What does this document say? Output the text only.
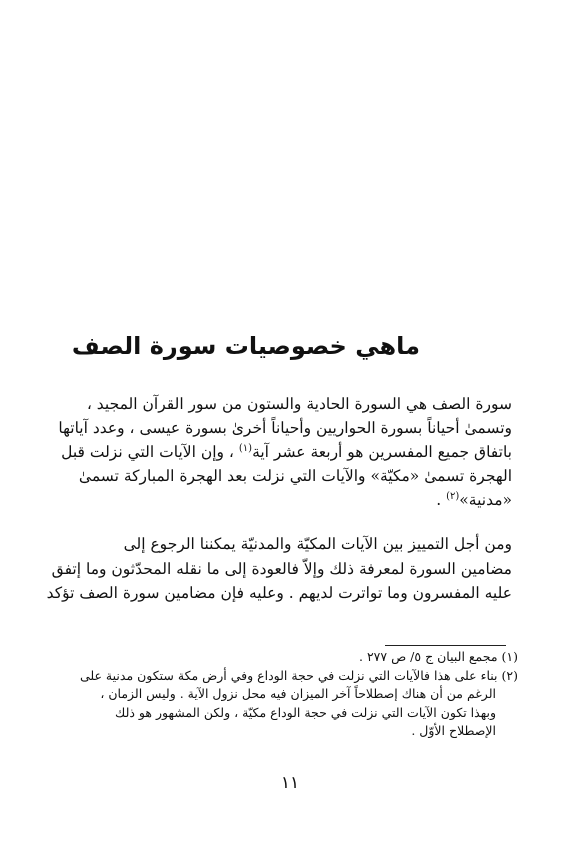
ماهي خصوصيات سورة الصف
سورة الصف هي السورة الحادية والستون من سور القرآن المجيد ،
وتسمىٰ أحياناً بسورة الحواريين وأحياناً أخرىٰ بسورة عيسى ، وعدد آياتها
باتفاق جميع المفسرين هو أربعة عشر آية$^{(١)}$ ، وإن الآيات التي نزلت قبل
الهجرة تسمىٰ «مكيّة» والآيات التي نزلت بعد الهجرة المباركة تسمىٰ
«مدنية»$^{(٢)}$ .
ومن أجل التمييز بين الآيات المكيّة والمدنيّة يمكننا الرجوع إلى
مضامين السورة لمعرفة ذلك وإلاّ فالعودة إلى ما نقله المحدّثون وما إتفق
عليه المفسرون وما تواترت لديهم . وعليه فإن مضامين سورة الصف تؤكد
(١) مجمع البيان ج ٥/ ص ٢٧٧ .
(٢) بناء على هذا فالآيات التي نزلت في حجة الوداع وفي أرض مكة ستكون مدنية على
الرغم من أن هناك إصطلاحاً آخر الميزان فيه محل نزول الآية . وليس الزمان ،
وبهذا تكون الآيات التي نزلت في حجة الوداع مكيّة ، ولكن المشهور هو ذلك
الإصطلاح الأوّل .
١١
